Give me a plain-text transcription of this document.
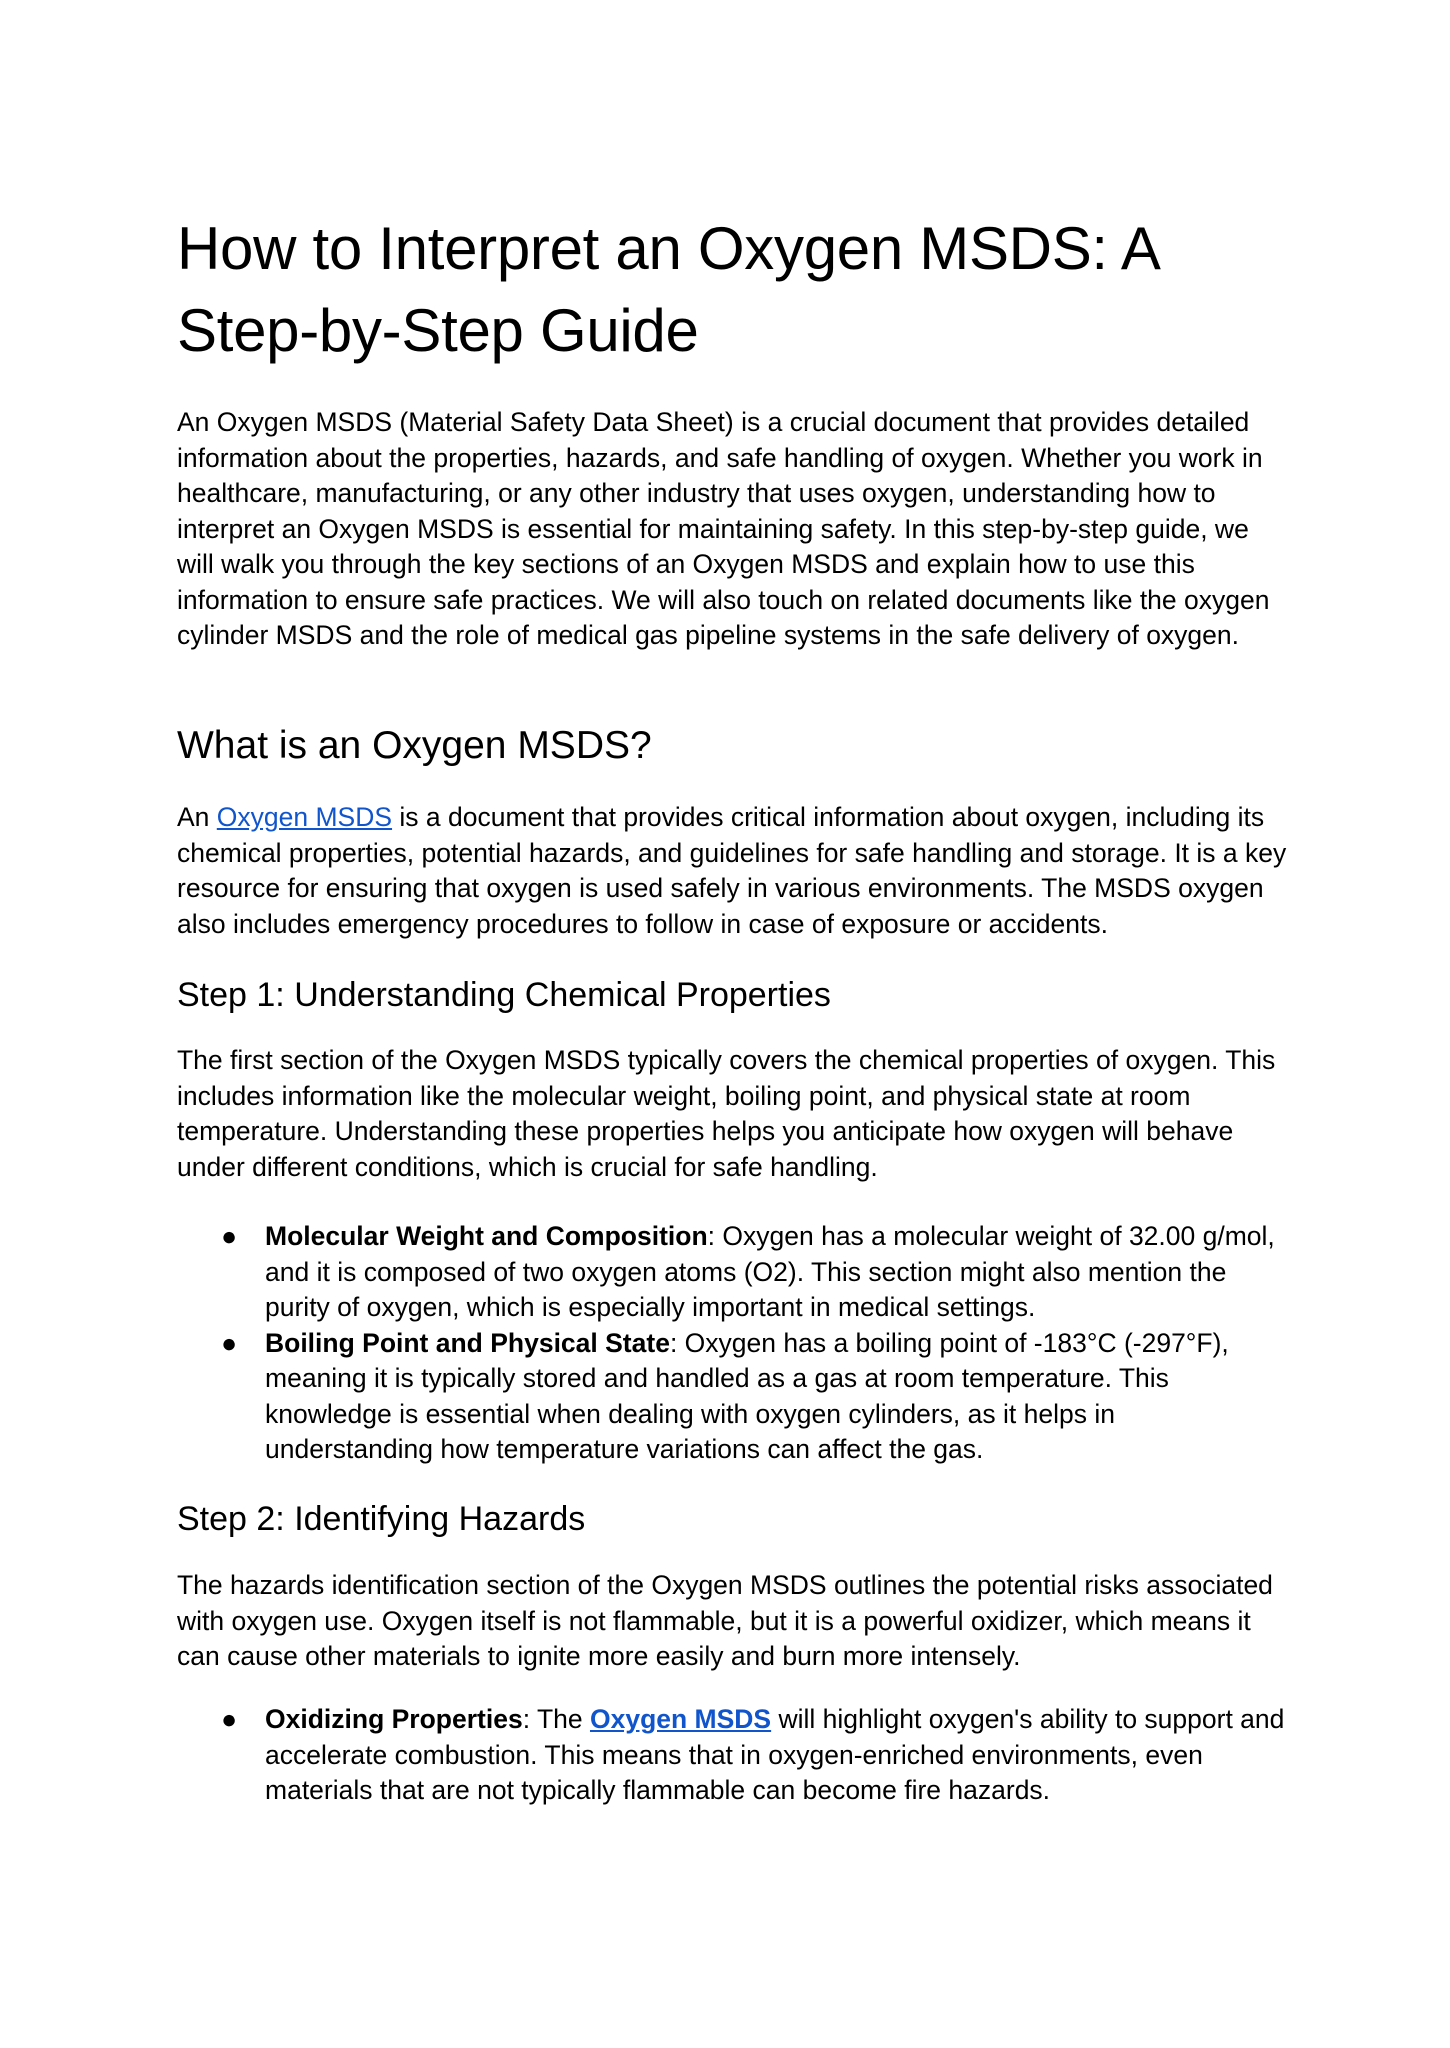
How to Interpret an Oxygen MSDS: A Step-by-Step Guide

An Oxygen MSDS (Material Safety Data Sheet) is a crucial document that provides detailed information about the properties, hazards, and safe handling of oxygen. Whether you work in healthcare, manufacturing, or any other industry that uses oxygen, understanding how to interpret an Oxygen MSDS is essential for maintaining safety. In this step-by-step guide, we will walk you through the key sections of an Oxygen MSDS and explain how to use this information to ensure safe practices. We will also touch on related documents like the oxygen cylinder MSDS and the role of medical gas pipeline systems in the safe delivery of oxygen.

What is an Oxygen MSDS?

An Oxygen MSDS is a document that provides critical information about oxygen, including its chemical properties, potential hazards, and guidelines for safe handling and storage. It is a key resource for ensuring that oxygen is used safely in various environments. The MSDS oxygen also includes emergency procedures to follow in case of exposure or accidents.

Step 1: Understanding Chemical Properties

The first section of the Oxygen MSDS typically covers the chemical properties of oxygen. This includes information like the molecular weight, boiling point, and physical state at room temperature. Understanding these properties helps you anticipate how oxygen will behave under different conditions, which is crucial for safe handling.

● Molecular Weight and Composition: Oxygen has a molecular weight of 32.00 g/mol, and it is composed of two oxygen atoms (O2). This section might also mention the purity of oxygen, which is especially important in medical settings.
● Boiling Point and Physical State: Oxygen has a boiling point of -183°C (-297°F), meaning it is typically stored and handled as a gas at room temperature. This knowledge is essential when dealing with oxygen cylinders, as it helps in understanding how temperature variations can affect the gas.
Step 2: Identifying Hazards

The hazards identification section of the Oxygen MSDS outlines the potential risks associated with oxygen use. Oxygen itself is not flammable, but it is a powerful oxidizer, which means it can cause other materials to ignite more easily and burn more intensely.

● Oxidizing Properties: The Oxygen MSDS will highlight oxygen's ability to support and accelerate combustion. This means that in oxygen-enriched environments, even materials that are not typically flammable can become fire hazards.
